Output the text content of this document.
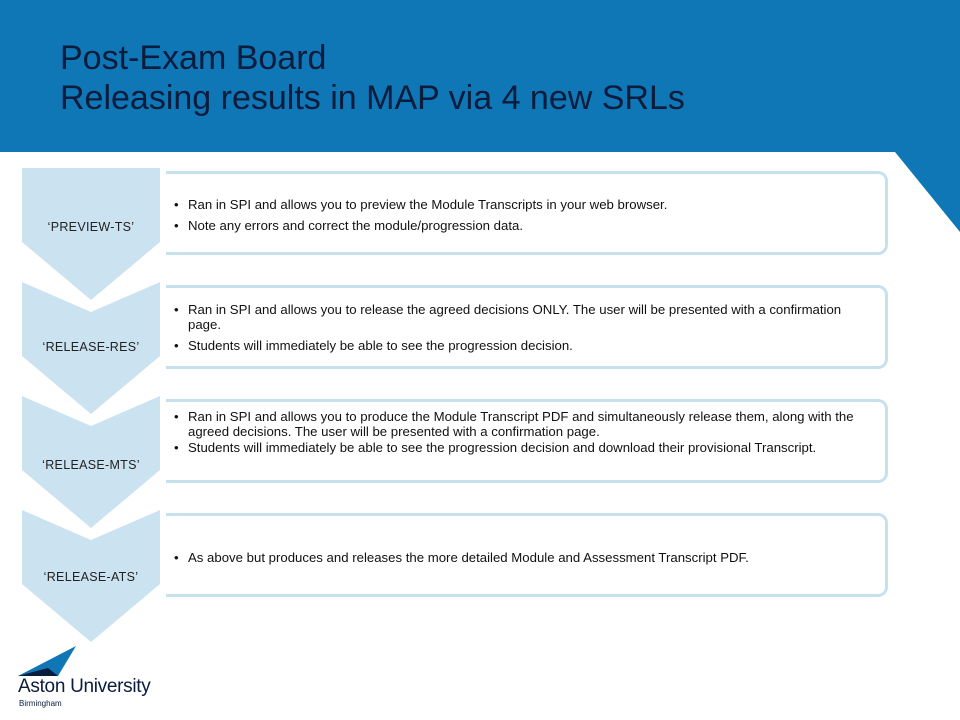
Post-Exam Board
Releasing results in MAP via 4 new SRLs
‘PREVIEW-TS’
• Ran in SPI and allows you to preview the Module Transcripts in your web browser.
• Note any errors and correct the module/progression data.
‘RELEASE-RES’
• Ran in SPI and allows you to release the agreed decisions ONLY. The user will be presented with a confirmation page.
• Students will immediately be able to see the progression decision.
‘RELEASE-MTS’
• Ran in SPI and allows you to produce the Module Transcript PDF and simultaneously release them, along with the agreed decisions. The user will be presented with a confirmation page.
• Students will immediately be able to see the progression decision and download their provisional Transcript.
‘RELEASE-ATS’
• As above but produces and releases the more detailed Module and Assessment Transcript PDF.
Aston University
Birmingham
